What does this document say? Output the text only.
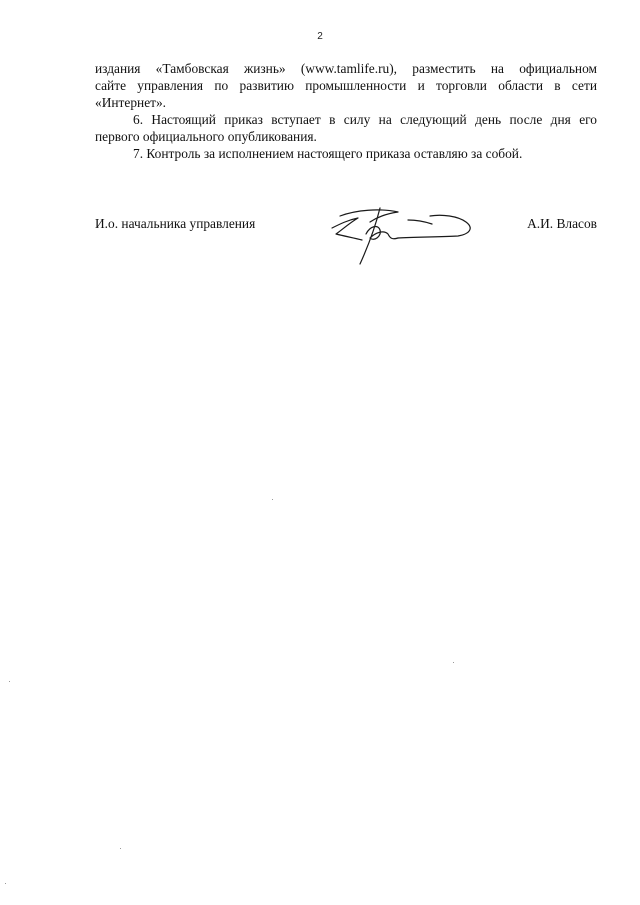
2

издания «Тамбовская жизнь» (www.tamlife.ru), разместить на официальном
сайте управления по развитию промышленности и торговли области в сети
«Интернет».

6. Настоящий приказ вступает в силу на следующий день после дня его
первого официального опубликования.

7. Контроль за исполнением настоящего приказа оставляю за собой.

И.о. начальника управления	А.И. Власов
